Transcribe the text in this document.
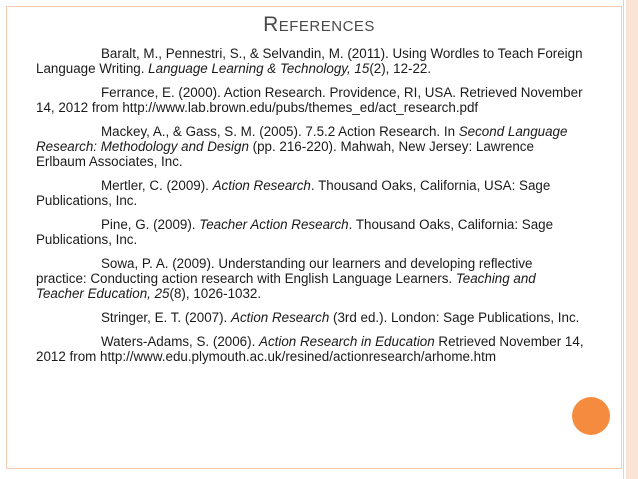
References

Baralt, M., Pennestri, S., & Selvandin, M. (2011). Using Wordles to Teach Foreign Language Writing. Language Learning & Technology, 15(2), 12-22.

Ferrance, E. (2000). Action Research. Providence, RI, USA. Retrieved November 14, 2012 from http://www.lab.brown.edu/pubs/themes_ed/act_research.pdf

Mackey, A., & Gass, S. M. (2005). 7.5.2 Action Research. In Second Language Research: Methodology and Design (pp. 216-220). Mahwah, New Jersey: Lawrence Erlbaum Associates, Inc.

Mertler, C. (2009). Action Research. Thousand Oaks, California, USA: Sage Publications, Inc.

Pine, G. (2009). Teacher Action Research. Thousand Oaks, California: Sage Publications, Inc.

Sowa, P. A. (2009). Understanding our learners and developing reflective practice: Conducting action research with English Language Learners. Teaching and Teacher Education, 25(8), 1026-1032.

Stringer, E. T. (2007). Action Research (3rd ed.). London: Sage Publications, Inc.

Waters-Adams, S. (2006). Action Research in Education Retrieved November 14, 2012 from http://www.edu.plymouth.ac.uk/resined/actionresearch/arhome.htm
